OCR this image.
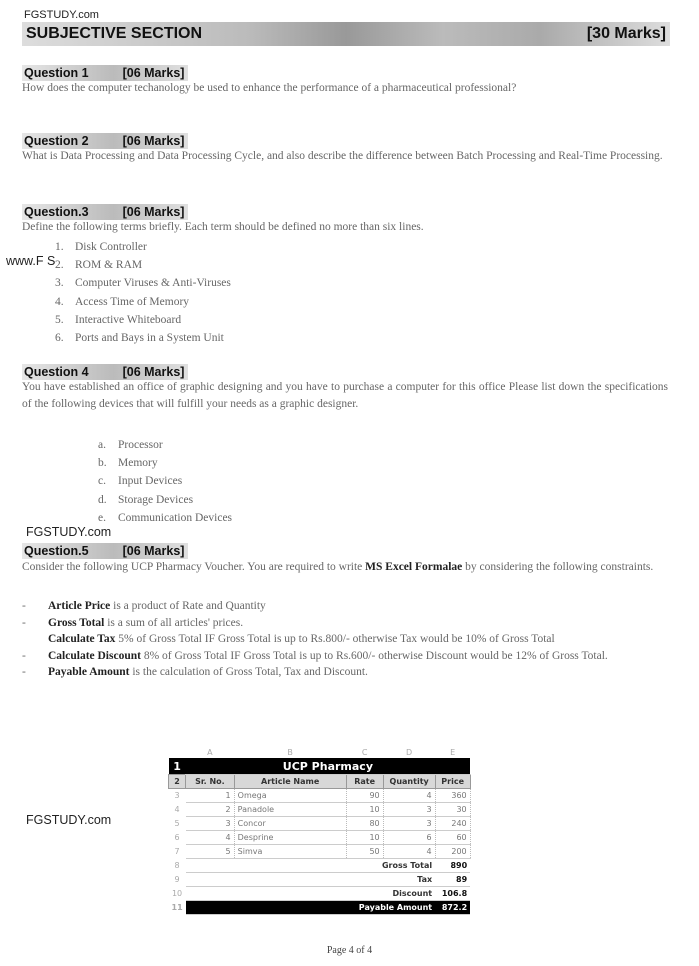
FGSTUDY.com
SUBJECTIVE SECTION	[30 Marks]
Question 1	[06 Marks]
How does the computer techanology be used to enhance the performance of a pharmaceutical professional?
Question 2	[06 Marks]
What is Data Processing and Data Processing Cycle, and also describe the difference between Batch Processing and Real-Time Processing.
Question.3	[06 Marks]
Define the following terms briefly. Each term should be defined no more than six lines.
www.F S
1. Disk Controller
2. ROM & RAM
3. Computer Viruses & Anti-Viruses
4. Access Time of Memory
5. Interactive Whiteboard
6. Ports and Bays in a System Unit
Question 4	[06 Marks]
You have established an office of graphic designing and you have to purchase a computer for this office Please list down the specifications of the following devices that will fulfill your needs as a graphic designer.
a.	Processor
b. Memory
c.	Input Devices
d. Storage Devices
e.	Communication Devices
FGSTUDY.com
Question.5	[06 Marks]
Consider the following UCP Pharmacy Voucher. You are required to write MS Excel Formalae by considering the following constraints.
-	Article Price is a product of Rate and Quantity
-	Gross Total is a sum of all articles' prices.
Calculate Tax 5% of Gross Total IF Gross Total is up to Rs.800/- otherwise Tax would be 10% of Gross Total
-	Calculate Discount 8% of Gross Total IF Gross Total is up to Rs.600/- otherwise Discount would be 12% of Gross Total.
-	Payable Amount is the calculation of Gross Total, Tax and Discount.
FGSTUDY.com
	A	B	C	D	E
1	UCP Pharmacy				
2	Sr. No.	Article Name	Rate	Quantity	Price
3	1	Omega	90	4	360
4	2	Panadole	10	3	30
5	3	Concor	80	3	240
6	4	Desprine	10	6	60
7	5	Simva	50	4	200
8	Gross Total				890
9	Tax				89
10	Discount				106.8
11	Payable Amount				872.2
Page 4 of 4
